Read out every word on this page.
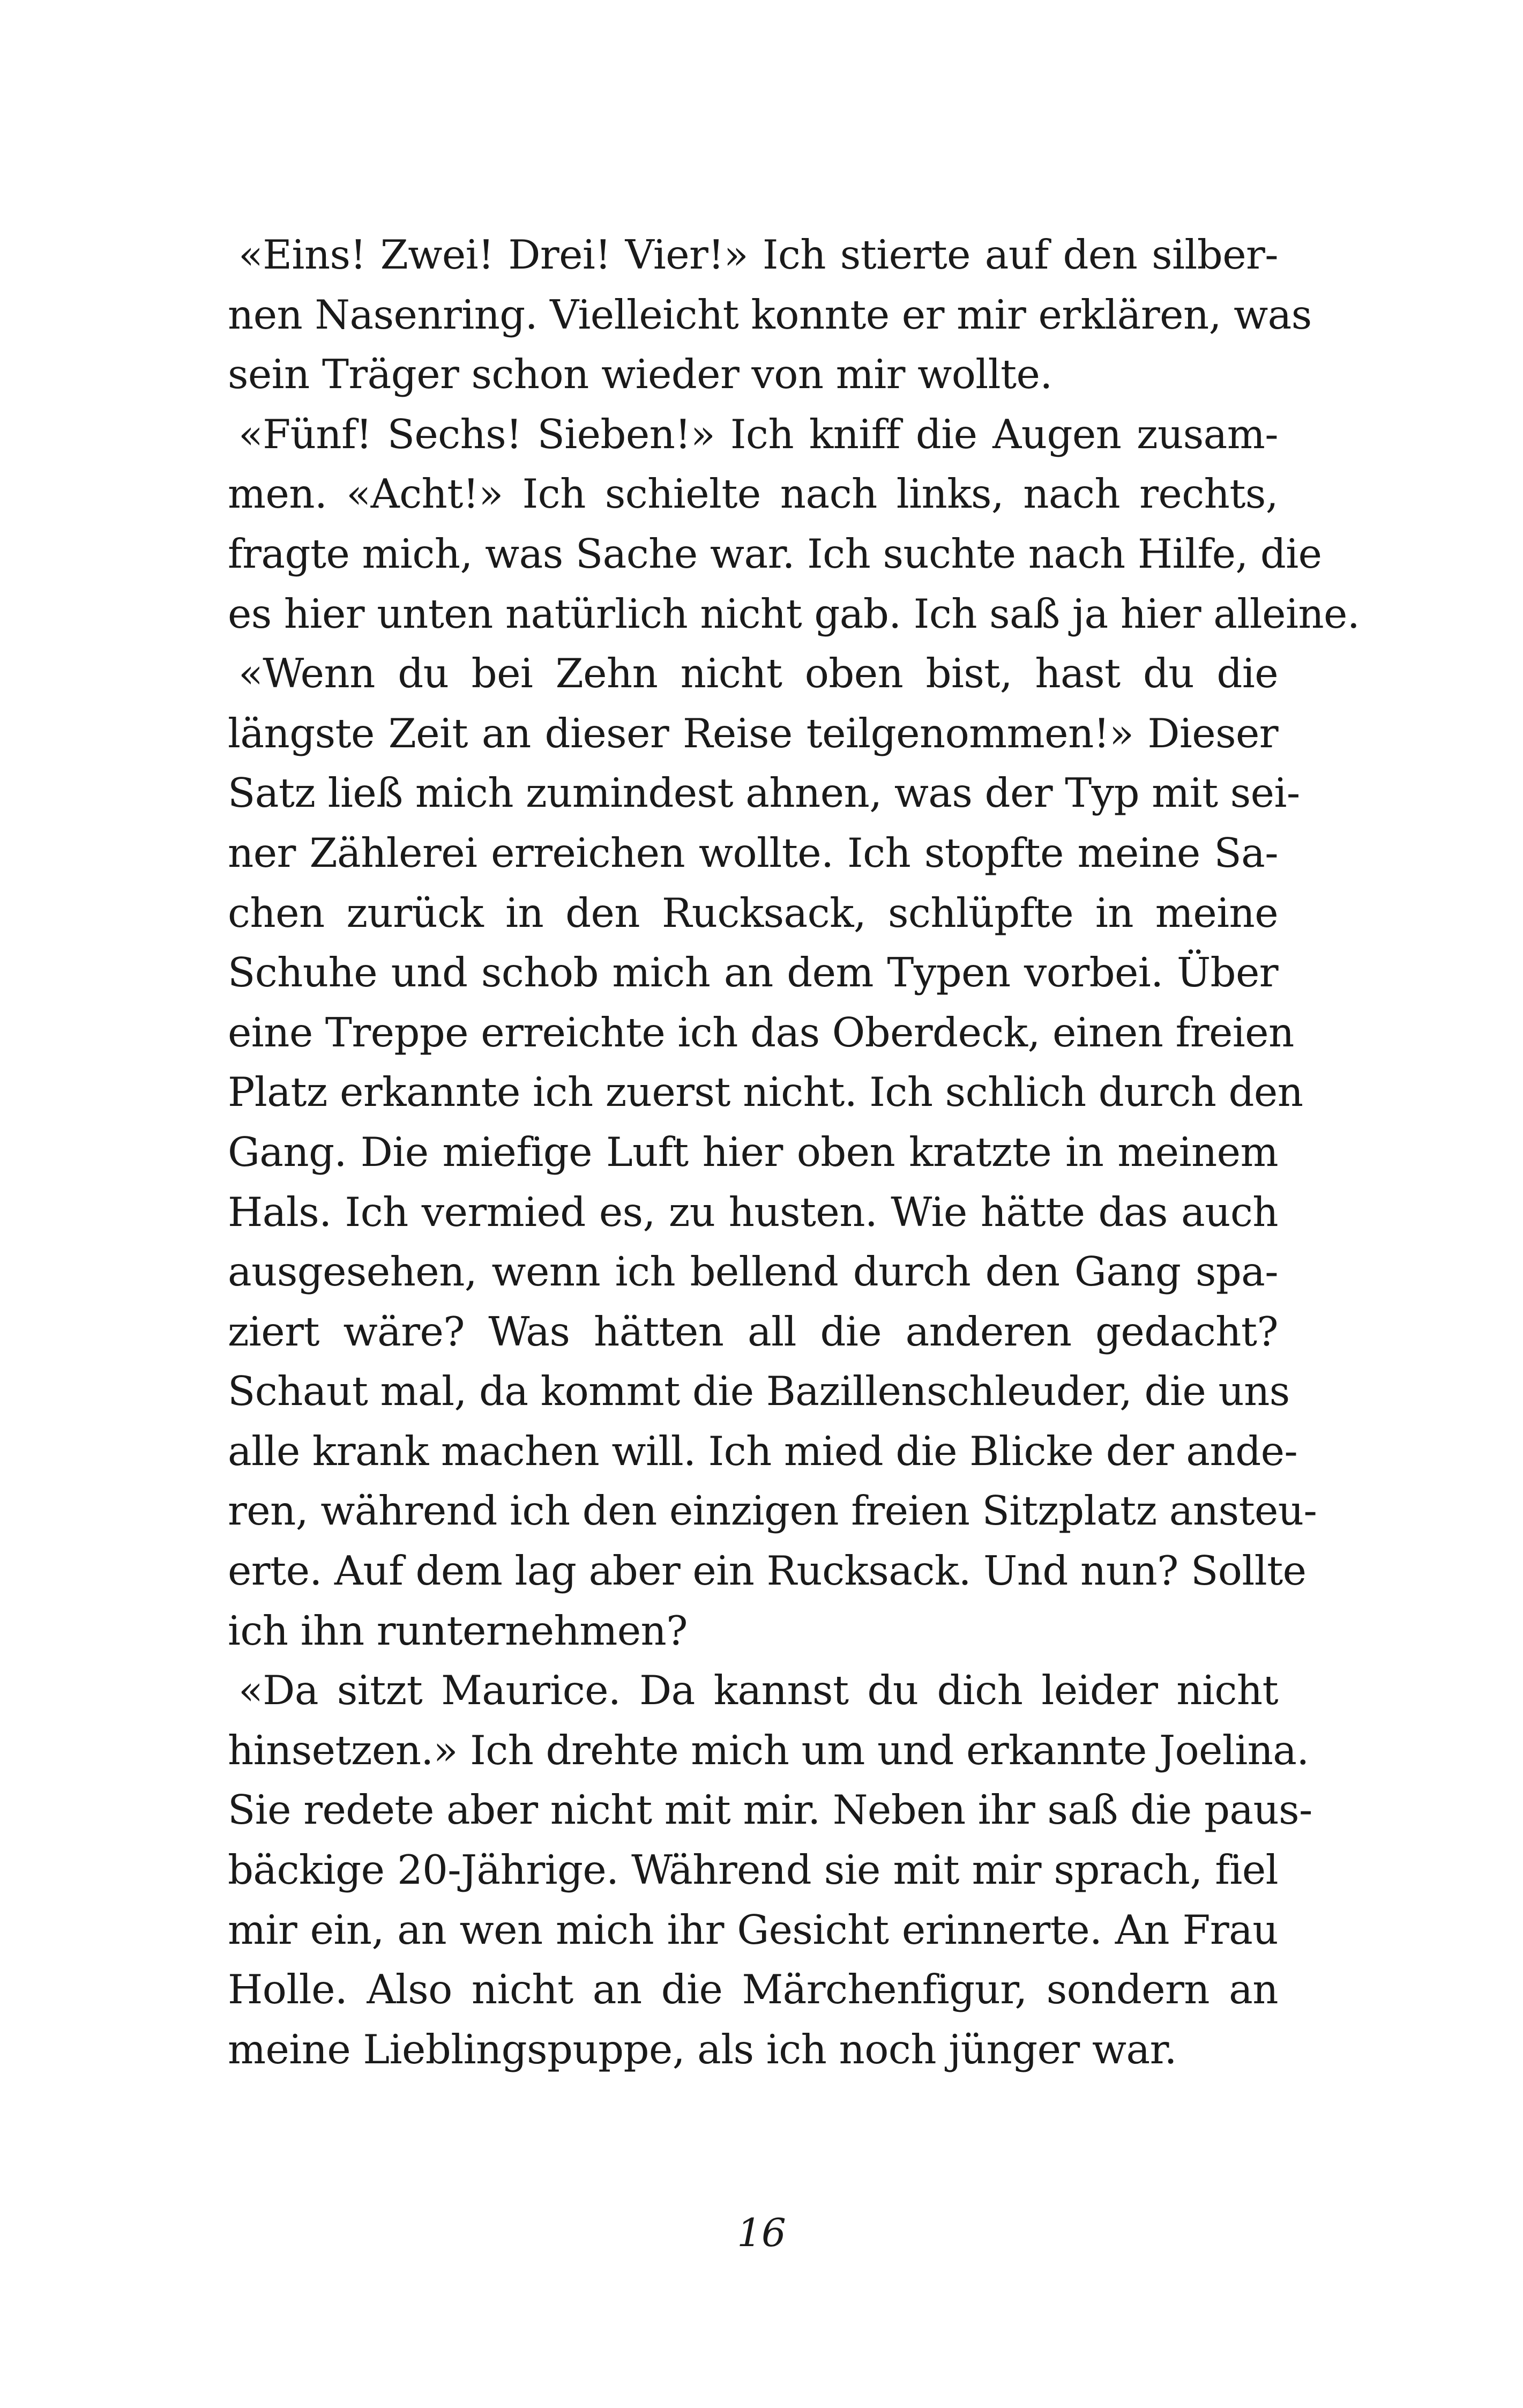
«Eins! Zwei! Drei! Vier!» Ich stierte auf den silber-
nen Nasenring. Vielleicht konnte er mir erklären, was
sein Träger schon wieder von mir wollte.
«Fünf! Sechs! Sieben!» Ich kniff die Augen zusam-
men. «Acht!» Ich schielte nach links, nach rechts,
fragte mich, was Sache war. Ich suchte nach Hilfe, die
es hier unten natürlich nicht gab. Ich saß ja hier alleine.
«Wenn du bei Zehn nicht oben bist, hast du die
längste Zeit an dieser Reise teilgenommen!» Dieser
Satz ließ mich zumindest ahnen, was der Typ mit sei-
ner Zählerei erreichen wollte. Ich stopfte meine Sa-
chen zurück in den Rucksack, schlüpfte in meine
Schuhe und schob mich an dem Typen vorbei. Über
eine Treppe erreichte ich das Oberdeck, einen freien
Platz erkannte ich zuerst nicht. Ich schlich durch den
Gang. Die miefige Luft hier oben kratzte in meinem
Hals. Ich vermied es, zu husten. Wie hätte das auch
ausgesehen, wenn ich bellend durch den Gang spa-
ziert wäre? Was hätten all die anderen gedacht?
Schaut mal, da kommt die Bazillenschleuder, die uns
alle krank machen will. Ich mied die Blicke der ande-
ren, während ich den einzigen freien Sitzplatz ansteu-
erte. Auf dem lag aber ein Rucksack. Und nun? Sollte
ich ihn runternehmen?
«Da sitzt Maurice. Da kannst du dich leider nicht
hinsetzen.» Ich drehte mich um und erkannte Joelina.
Sie redete aber nicht mit mir. Neben ihr saß die paus-
bäckige 20-Jährige. Während sie mit mir sprach, fiel
mir ein, an wen mich ihr Gesicht erinnerte. An Frau
Holle. Also nicht an die Märchenfigur, sondern an
meine Lieblingspuppe, als ich noch jünger war.
16
